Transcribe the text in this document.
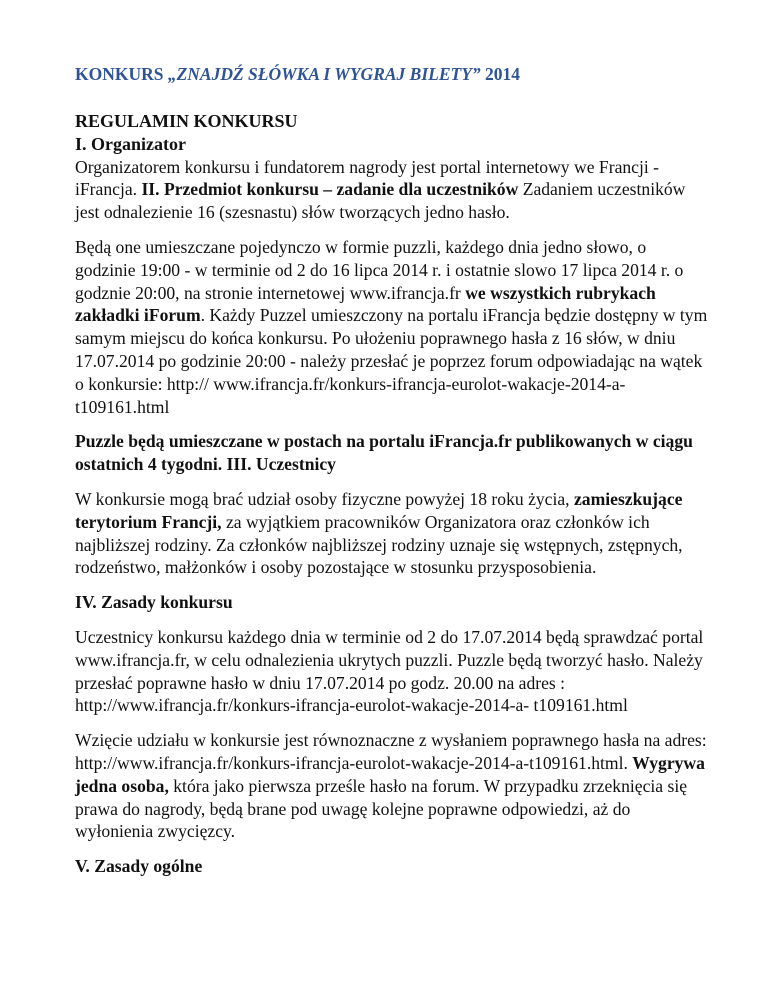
KONKURS „ZNAJDŹ SŁÓWKA I WYGRAJ BILETY” 2014
REGULAMIN KONKURSU
I. Organizator
Organizatorem konkursu i fundatorem nagrody jest portal internetowy we Francji - iFrancja. II. Przedmiot konkursu – zadanie dla uczestników Zadaniem uczestników jest odnalezienie 16 (szesnastu) słów tworzących jedno hasło.
Będą one umieszczane pojedynczo w formie puzzli, każdego dnia jedno słowo, o godzinie 19:00 - w terminie od 2 do 16 lipca 2014 r. i ostatnie slowo 17 lipca 2014 r. o godznie 20:00, na stronie internetowej www.ifrancja.fr we wszystkich rubrykach zakładki iForum. Każdy Puzzel umieszczony na portalu iFrancja będzie dostępny w tym samym miejscu do końca konkursu. Po ułożeniu poprawnego hasła z 16 słów, w dniu 17.07.2014 po godzinie 20:00 - należy przesłać je poprzez forum odpowiadając na wątek o konkursie: http:// www.ifrancja.fr/konkurs-ifrancja-eurolot-wakacje-2014-a-t109161.html
Puzzle będą umieszczane w postach na portalu iFrancja.fr publikowanych w ciągu ostatnich 4 tygodni. III. Uczestnicy
W konkursie mogą brać udział osoby fizyczne powyżej 18 roku życia, zamieszkujące terytorium Francji, za wyjątkiem pracowników Organizatora oraz członków ich najbliższej rodziny. Za członków najbliższej rodziny uznaje się wstępnych, zstępnych, rodzeństwo, małżonków i osoby pozostające w stosunku przysposobienia.
IV. Zasady konkursu
Uczestnicy konkursu każdego dnia w terminie od 2 do 17.07.2014 będą sprawdzać portal www.ifrancja.fr, w celu odnalezienia ukrytych puzzli. Puzzle będą tworzyć hasło. Należy przesłać poprawne hasło w dniu 17.07.2014 po godz. 20.00 na adres : http://www.ifrancja.fr/konkurs-ifrancja-eurolot-wakacje-2014-a- t109161.html
Wzięcie udziału w konkursie jest równoznaczne z wysłaniem poprawnego hasła na adres: http://www.ifrancja.fr/konkurs-ifrancja-eurolot-wakacje-2014-a-t109161.html. Wygrywa jedna osoba, która jako pierwsza prześle hasło na forum. W przypadku zrzeknięcia się prawa do nagrody, będą brane pod uwagę kolejne poprawne odpowiedzi, aż do wyłonienia zwycięzcy.
V. Zasady ogólne
